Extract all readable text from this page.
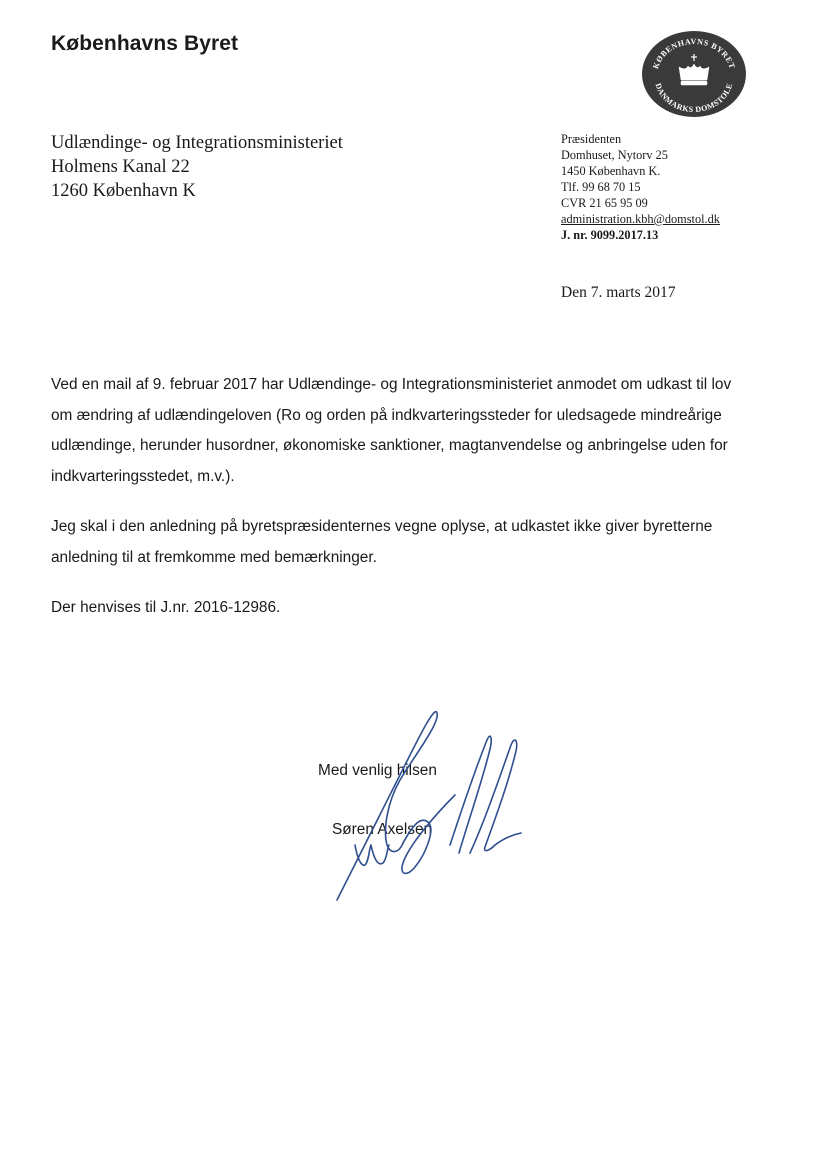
Københavns Byret
KØBENHAVNS BYRET
DANMARKS DOMSTOLE
Udlændinge- og Integrationsministeriet
Holmens Kanal 22
1260 København K
Præsidenten
Domhuset, Nytorv 25
1450 København K.
Tlf. 99 68 70 15
CVR 21 65 95 09
administration.kbh@domstol.dk
J. nr. 9099.2017.13
Den 7. marts 2017
Ved en mail af 9. februar 2017 har Udlændinge- og Integrationsministeriet anmodet om udkast til lov om ændring af udlændingeloven (Ro og orden på indkvarteringssteder for uledsagede mindreårige udlændinge, herunder husordner, økonomiske sanktioner, magtanvendelse og anbringelse uden for indkvarteringsstedet, m.v.).
Jeg skal i den anledning på byretspræsidenternes vegne oplyse, at udkastet ikke giver byretterne anledning til at fremkomme med bemærkninger.
Der henvises til J.nr. 2016-12986.
Med venlig hilsen
Søren Axelsen
